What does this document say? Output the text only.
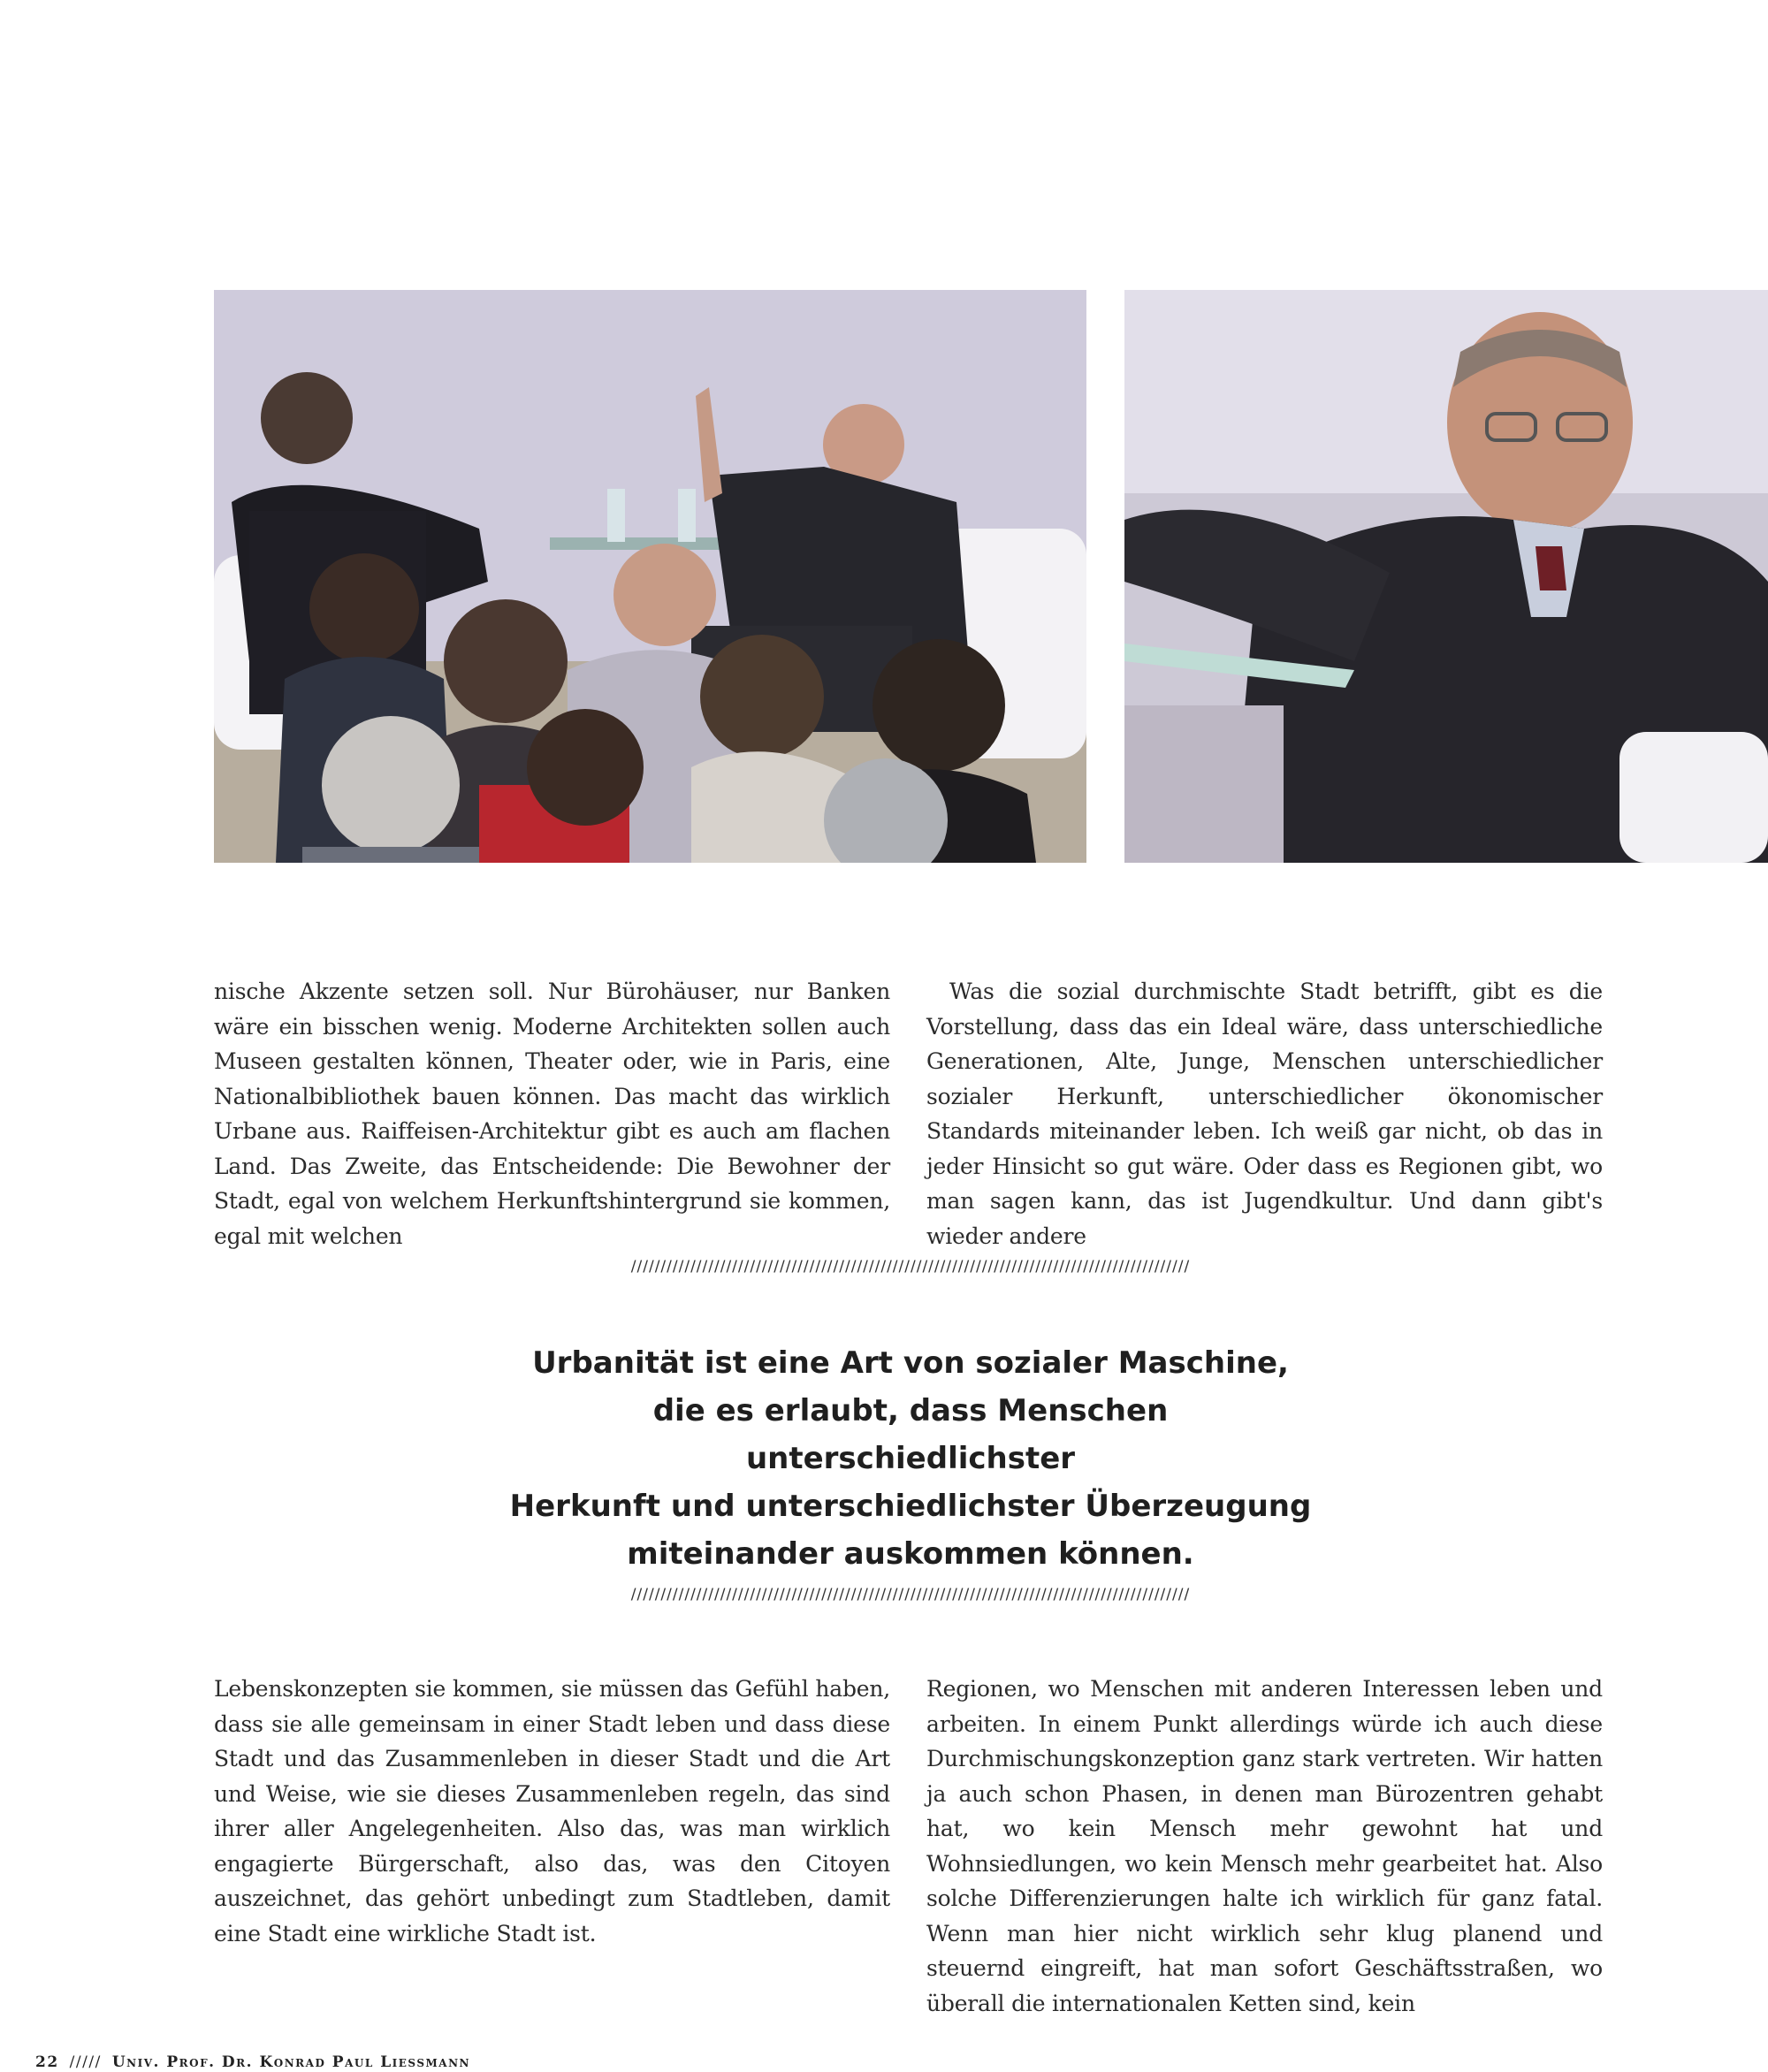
nische Akzente setzen soll. Nur Bürohäuser, nur Banken wäre ein bisschen wenig. Moderne Architekten sollen auch Museen gestalten können, Theater oder, wie in Paris, eine Nationalbibliothek bauen können. Das macht das wirklich Urbane aus. Raiffeisen-Architektur gibt es auch am flachen Land. Das Zweite, das Entscheidende: Die Bewohner der Stadt, egal von welchem Herkunftshintergrund sie kommen, egal mit welchen

Was die sozial durchmischte Stadt betrifft, gibt es die Vorstellung, dass das ein Ideal wäre, dass unterschiedliche Generationen, Alte, Junge, Menschen unterschiedlicher sozialer Herkunft, unterschiedlicher ökonomischer Standards miteinander leben. Ich weiß gar nicht, ob das in jeder Hinsicht so gut wäre. Oder dass es Regionen gibt, wo man sagen kann, das ist Jugendkultur. Und dann gibt's wieder andere

//////////////////////////////////////////////////////////////////////////////////////////////
Urbanität ist eine Art von sozialer Maschine,
die es erlaubt, dass Menschen unterschiedlichster
Herkunft und unterschiedlichster Überzeugung
miteinander auskommen können.
//////////////////////////////////////////////////////////////////////////////////////////////

Lebenskonzepten sie kommen, sie müssen das Gefühl haben, dass sie alle gemeinsam in einer Stadt leben und dass diese Stadt und das Zusammenleben in dieser Stadt und die Art und Weise, wie sie dieses Zusammenleben regeln, das sind ihrer aller Angelegenheiten. Also das, was man wirklich engagierte Bürgerschaft, also das, was den Citoyen auszeichnet, das gehört unbedingt zum Stadtleben, damit eine Stadt eine wirkliche Stadt ist.

Regionen, wo Menschen mit anderen Interessen leben und arbeiten. In einem Punkt allerdings würde ich auch diese Durchmischungskonzeption ganz stark vertreten. Wir hatten ja auch schon Phasen, in denen man Bürozentren gehabt hat, wo kein Mensch mehr gewohnt hat und Wohnsiedlungen, wo kein Mensch mehr gearbeitet hat. Also solche Differenzierungen halte ich wirklich für ganz fatal. Wenn man hier nicht wirklich sehr klug planend und steuernd eingreift, hat man sofort Geschäftsstraßen, wo überall die internationalen Ketten sind, kein

22 ///// Univ. Prof. Dr. Konrad Paul Liessmann
